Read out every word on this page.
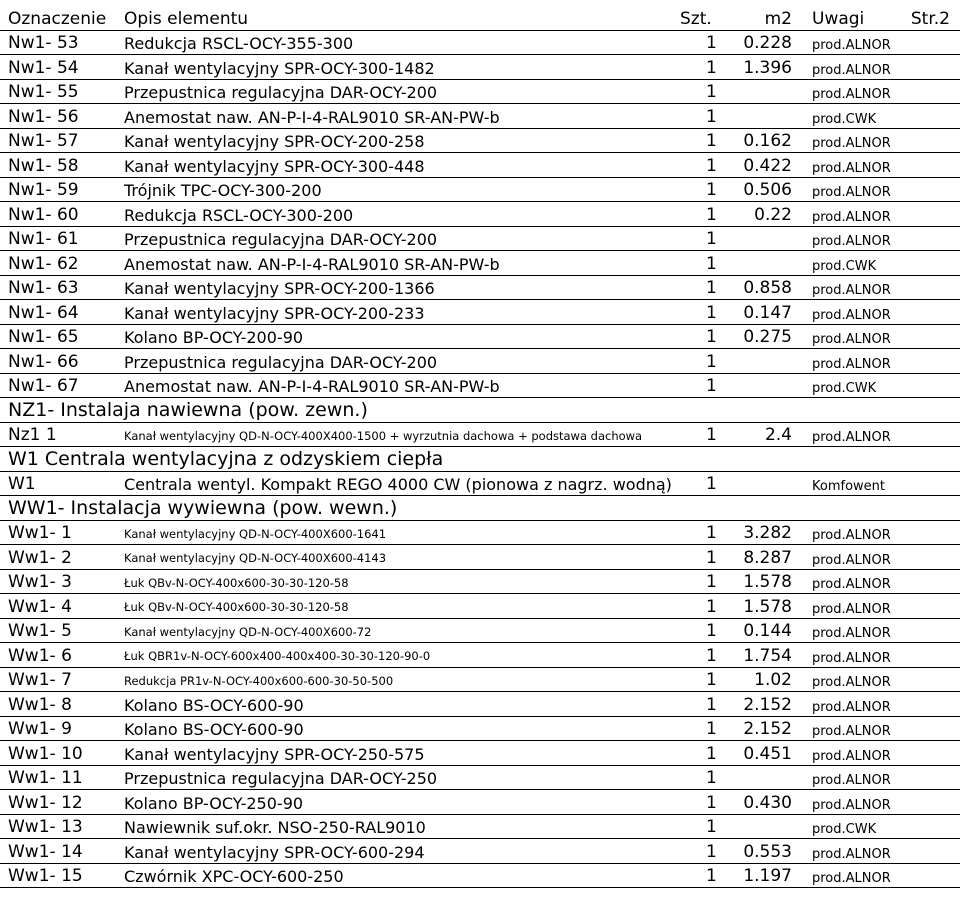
Oznaczenie Opis elementu	Szt.	m2 Uwagi	Str.2
Nw1- 53	Redukcja RSCL-OCY-355-300	1 0.228 prod.ALNOR
Nw1- 54	Kanał wentylacyjny SPR-OCY-300-1482	1 1.396 prod.ALNOR
Nw1- 55	Przepustnica regulacyjna DAR-OCY-200	1	prod.ALNOR
Nw1- 56	Anemostat naw. AN-P-I-4-RAL9010 SR-AN-PW-b	1	prod.CWK
Nw1- 57	Kanał wentylacyjny SPR-OCY-200-258	1 0.162 prod.ALNOR
Nw1- 58	Kanał wentylacyjny SPR-OCY-300-448	1 0.422 prod.ALNOR
Nw1- 59	Trójnik TPC-OCY-300-200	1 0.506 prod.ALNOR
Nw1- 60	Redukcja RSCL-OCY-300-200	1 0.22 prod.ALNOR
Nw1- 61	Przepustnica regulacyjna DAR-OCY-200	1	prod.ALNOR
Nw1- 62	Anemostat naw. AN-P-I-4-RAL9010 SR-AN-PW-b	1	prod.CWK
Nw1- 63	Kanał wentylacyjny SPR-OCY-200-1366	1 0.858 prod.ALNOR
Nw1- 64	Kanał wentylacyjny SPR-OCY-200-233	1 0.147 prod.ALNOR
Nw1- 65	Kolano BP-OCY-200-90	1 0.275 prod.ALNOR
Nw1- 66	Przepustnica regulacyjna DAR-OCY-200	1	prod.ALNOR
Nw1- 67	Anemostat naw. AN-P-I-4-RAL9010 SR-AN-PW-b	1	prod.CWK
NZ1- Instalaja nawiewna (pow. zewn.)
Nz1 1	Kanał wentylacyjny QD-N-OCY-400X400-1500 + wyrzutnia dachowa + podstawa dachowa	1	2.4 prod.ALNOR
W1 Centrala wentylacyjna z odzyskiem ciepła
W1	Centrala wentyl. Kompakt REGO 4000 CW (pionowa z nagrz. wodną) 1	Komfowent
WW1- Instalacja wywiewna (pow. wewn.)
Ww1- 1	Kanał wentylacyjny QD-N-OCY-400X600-1641	1 3.282 prod.ALNOR
Ww1- 2	Kanał wentylacyjny QD-N-OCY-400X600-4143	1 8.287 prod.ALNOR
Ww1- 3	Łuk QBv-N-OCY-400x600-30-30-120-58	1 1.578 prod.ALNOR
Ww1- 4	Łuk QBv-N-OCY-400x600-30-30-120-58	1 1.578 prod.ALNOR
Ww1- 5	Kanał wentylacyjny QD-N-OCY-400X600-72	1 0.144 prod.ALNOR
Ww1- 6	Łuk QBR1v-N-OCY-600x400-400x400-30-30-120-90-0	1 1.754 prod.ALNOR
Ww1- 7	Redukcja PR1v-N-OCY-400x600-600-30-50-500	1 1.02 prod.ALNOR
Ww1- 8	Kolano BS-OCY-600-90	1 2.152 prod.ALNOR
Ww1- 9	Kolano BS-OCY-600-90	1 2.152 prod.ALNOR
Ww1- 10	Kanał wentylacyjny SPR-OCY-250-575	1 0.451 prod.ALNOR
Ww1- 11	Przepustnica regulacyjna DAR-OCY-250	1	prod.ALNOR
Ww1- 12	Kolano BP-OCY-250-90	1 0.430 prod.ALNOR
Ww1- 13	Nawiewnik suf.okr. NSO-250-RAL9010	1	prod.CWK
Ww1- 14	Kanał wentylacyjny SPR-OCY-600-294	1 0.553 prod.ALNOR
Ww1- 15	Czwórnik XPC-OCY-600-250	1 1.197 prod.ALNOR
